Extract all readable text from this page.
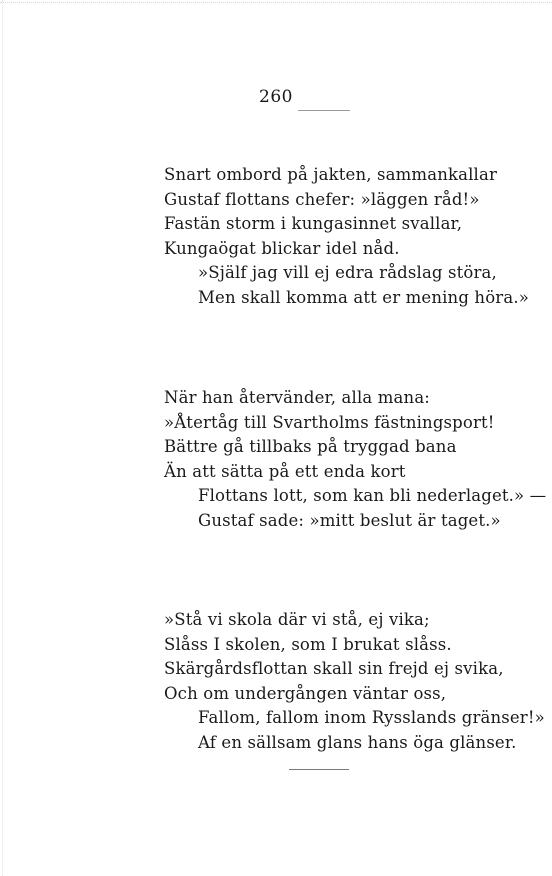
260
Snart ombord på jakten, sammankallar
Gustaf flottans chefer: »läggen råd!»
Fastän storm i kungasinnet svallar,
Kungaögat blickar idel nåd.
»Själf jag vill ej edra rådslag störa,
Men skall komma att er mening höra.»
När han återvänder, alla mana:
»Återtåg till Svartholms fästningsport!
Bättre gå tillbaks på tryggad bana
Än att sätta på ett enda kort
Flottans lott, som kan bli nederlaget.» —
Gustaf sade: »mitt beslut är taget.»
»Stå vi skola där vi stå, ej vika;
Slåss I skolen, som I brukat slåss.
Skärgårdsflottan skall sin frejd ej svika,
Och om undergången väntar oss,
Fallom, fallom inom Rysslands gränser!»
Af en sällsam glans hans öga glänser.
